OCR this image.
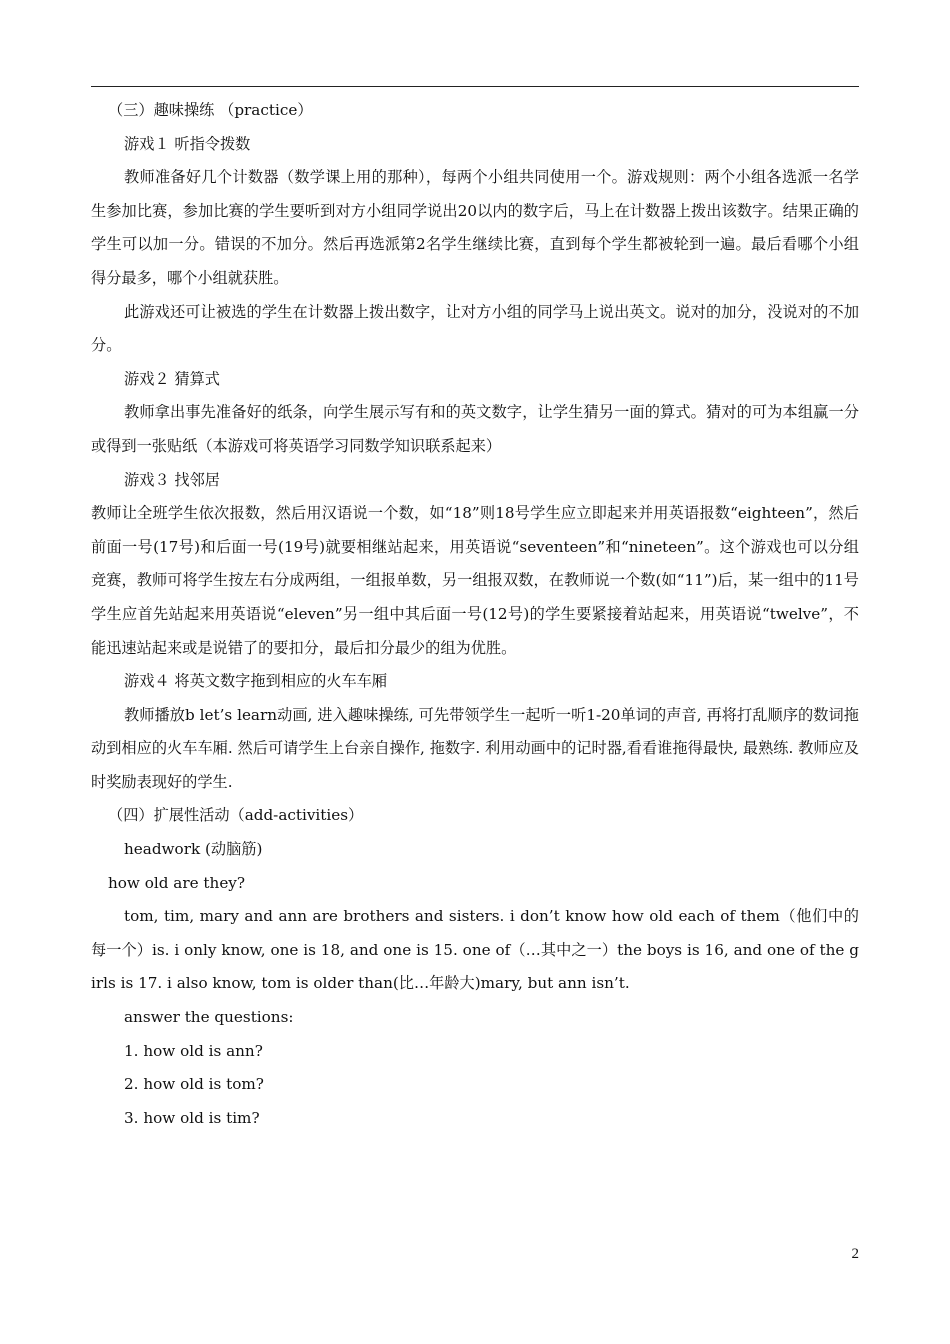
（三）趣味操练 （practice）

游戏１ 听指令拨数

教师准备好几个计数器（数学课上用的那种），每两个小组共同使用一个。游戏规则：两个小组各选派一名学生参加比赛，参加比赛的学生要听到对方小组同学说出20以内的数字后，马上在计数器上拨出该数字。结果正确的学生可以加一分。错误的不加分。然后再选派第2名学生继续比赛，直到每个学生都被轮到一遍。最后看哪个小组得分最多，哪个小组就获胜。

此游戏还可让被选的学生在计数器上拨出数字，让对方小组的同学马上说出英文。说对的加分，没说对的不加分。

游戏２ 猜算式

教师拿出事先准备好的纸条，向学生展示写有和的英文数字，让学生猜另一面的算式。猜对的可为本组赢一分或得到一张贴纸（本游戏可将英语学习同数学知识联系起来）

游戏３ 找邻居

教师让全班学生依次报数，然后用汉语说一个数，如“18”则18号学生应立即起来并用英语报数“eighteen”，然后前面一号(17号)和后面一号(19号)就要相继站起来，用英语说“seventeen”和“nineteen”。这个游戏也可以分组竞赛，教师可将学生按左右分成两组，一组报单数，另一组报双数，在教师说一个数(如“11”)后，某一组中的11号学生应首先站起来用英语说“eleven”另一组中其后面一号(12号)的学生要紧接着站起来，用英语说“twelve”，不能迅速站起来或是说错了的要扣分，最后扣分最少的组为优胜。

游戏４ 将英文数字拖到相应的火车车厢

教师播放b let’s learn动画, 进入趣味操练, 可先带领学生一起听一听1-20单词的声音, 再将打乱顺序的数词拖动到相应的火车车厢. 然后可请学生上台亲自操作, 拖数字. 利用动画中的记时器,看看谁拖得最快, 最熟练. 教师应及时奖励表现好的学生.

（四）扩展性活动（add-activities）

headwork (动脑筋)

how old are they?

tom, tim, mary and ann are brothers and sisters. i don’t know how old each of them（他们中的每一个）is. i only know, one is 18, and one is 15. one of（…其中之一）the boys is 16, and one of the girls is 17. i also know, tom is older than(比…年龄大)mary, but ann isn’t.

answer the questions:

1. how old is ann?

2. how old is tom?

3. how old is tim?

2
